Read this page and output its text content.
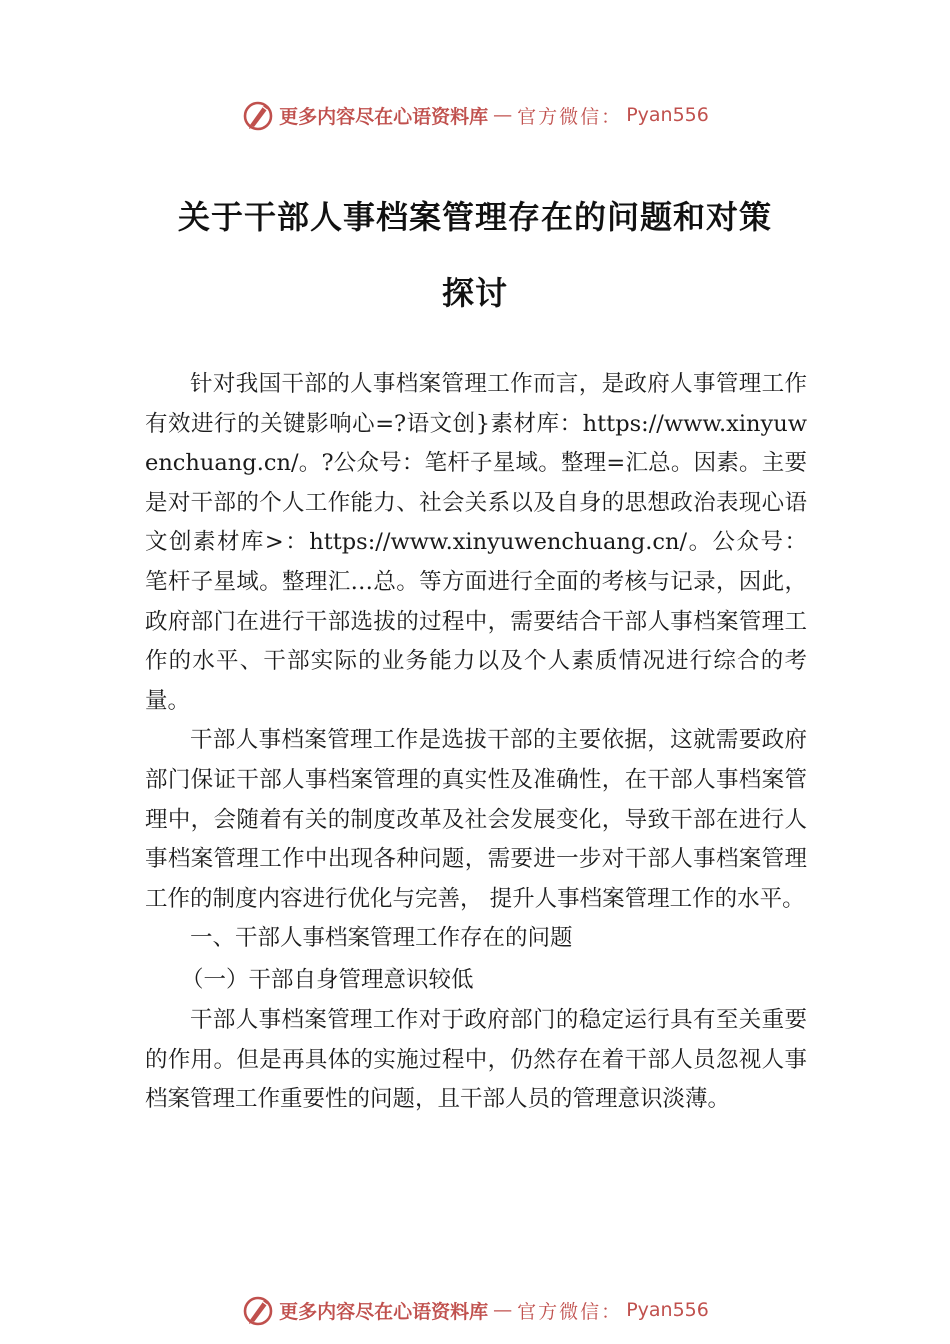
更多内容尽在心语资料库 — 官方微信： Pyan556
关于干部人事档案管理存在的问题和对策
探讨

针对我国干部的人事档案管理工作而言，是政府人事管理工作有效进行的关键影响心=?语文创}素材库：https://www.xinyuwenchuang.cn/。?公众号：笔杆子星域。整理=汇总。因素。主要是对干部的个人工作能力、社会关系以及自身的思想政治表现心语文创素材库>：https://www.xinyuwenchuang.cn/。公众号：笔杆子星域。整理汇…总。等方面进行全面的考核与记录，因此，政府部门在进行干部选拔的过程中，需要结合干部人事档案管理工作的水平、干部实际的业务能力以及个人素质情况进行综合的考量。

干部人事档案管理工作是选拔干部的主要依据，这就需要政府部门保证干部人事档案管理的真实性及准确性，在干部人事档案管理中，会随着有关的制度改革及社会发展变化，导致干部在进行人事档案管理工作中出现各种问题，需要进一步对干部人事档案管理工作的制度内容进行优化与完善， 提升人事档案管理工作的水平。

一、干部人事档案管理工作存在的问题

（一）干部自身管理意识较低

干部人事档案管理工作对于政府部门的稳定运行具有至关重要的作用。但是再具体的实施过程中，仍然存在着干部人员忽视人事档案管理工作重要性的问题，且干部人员的管理意识淡薄。

更多内容尽在心语资料库 — 官方微信： Pyan556
